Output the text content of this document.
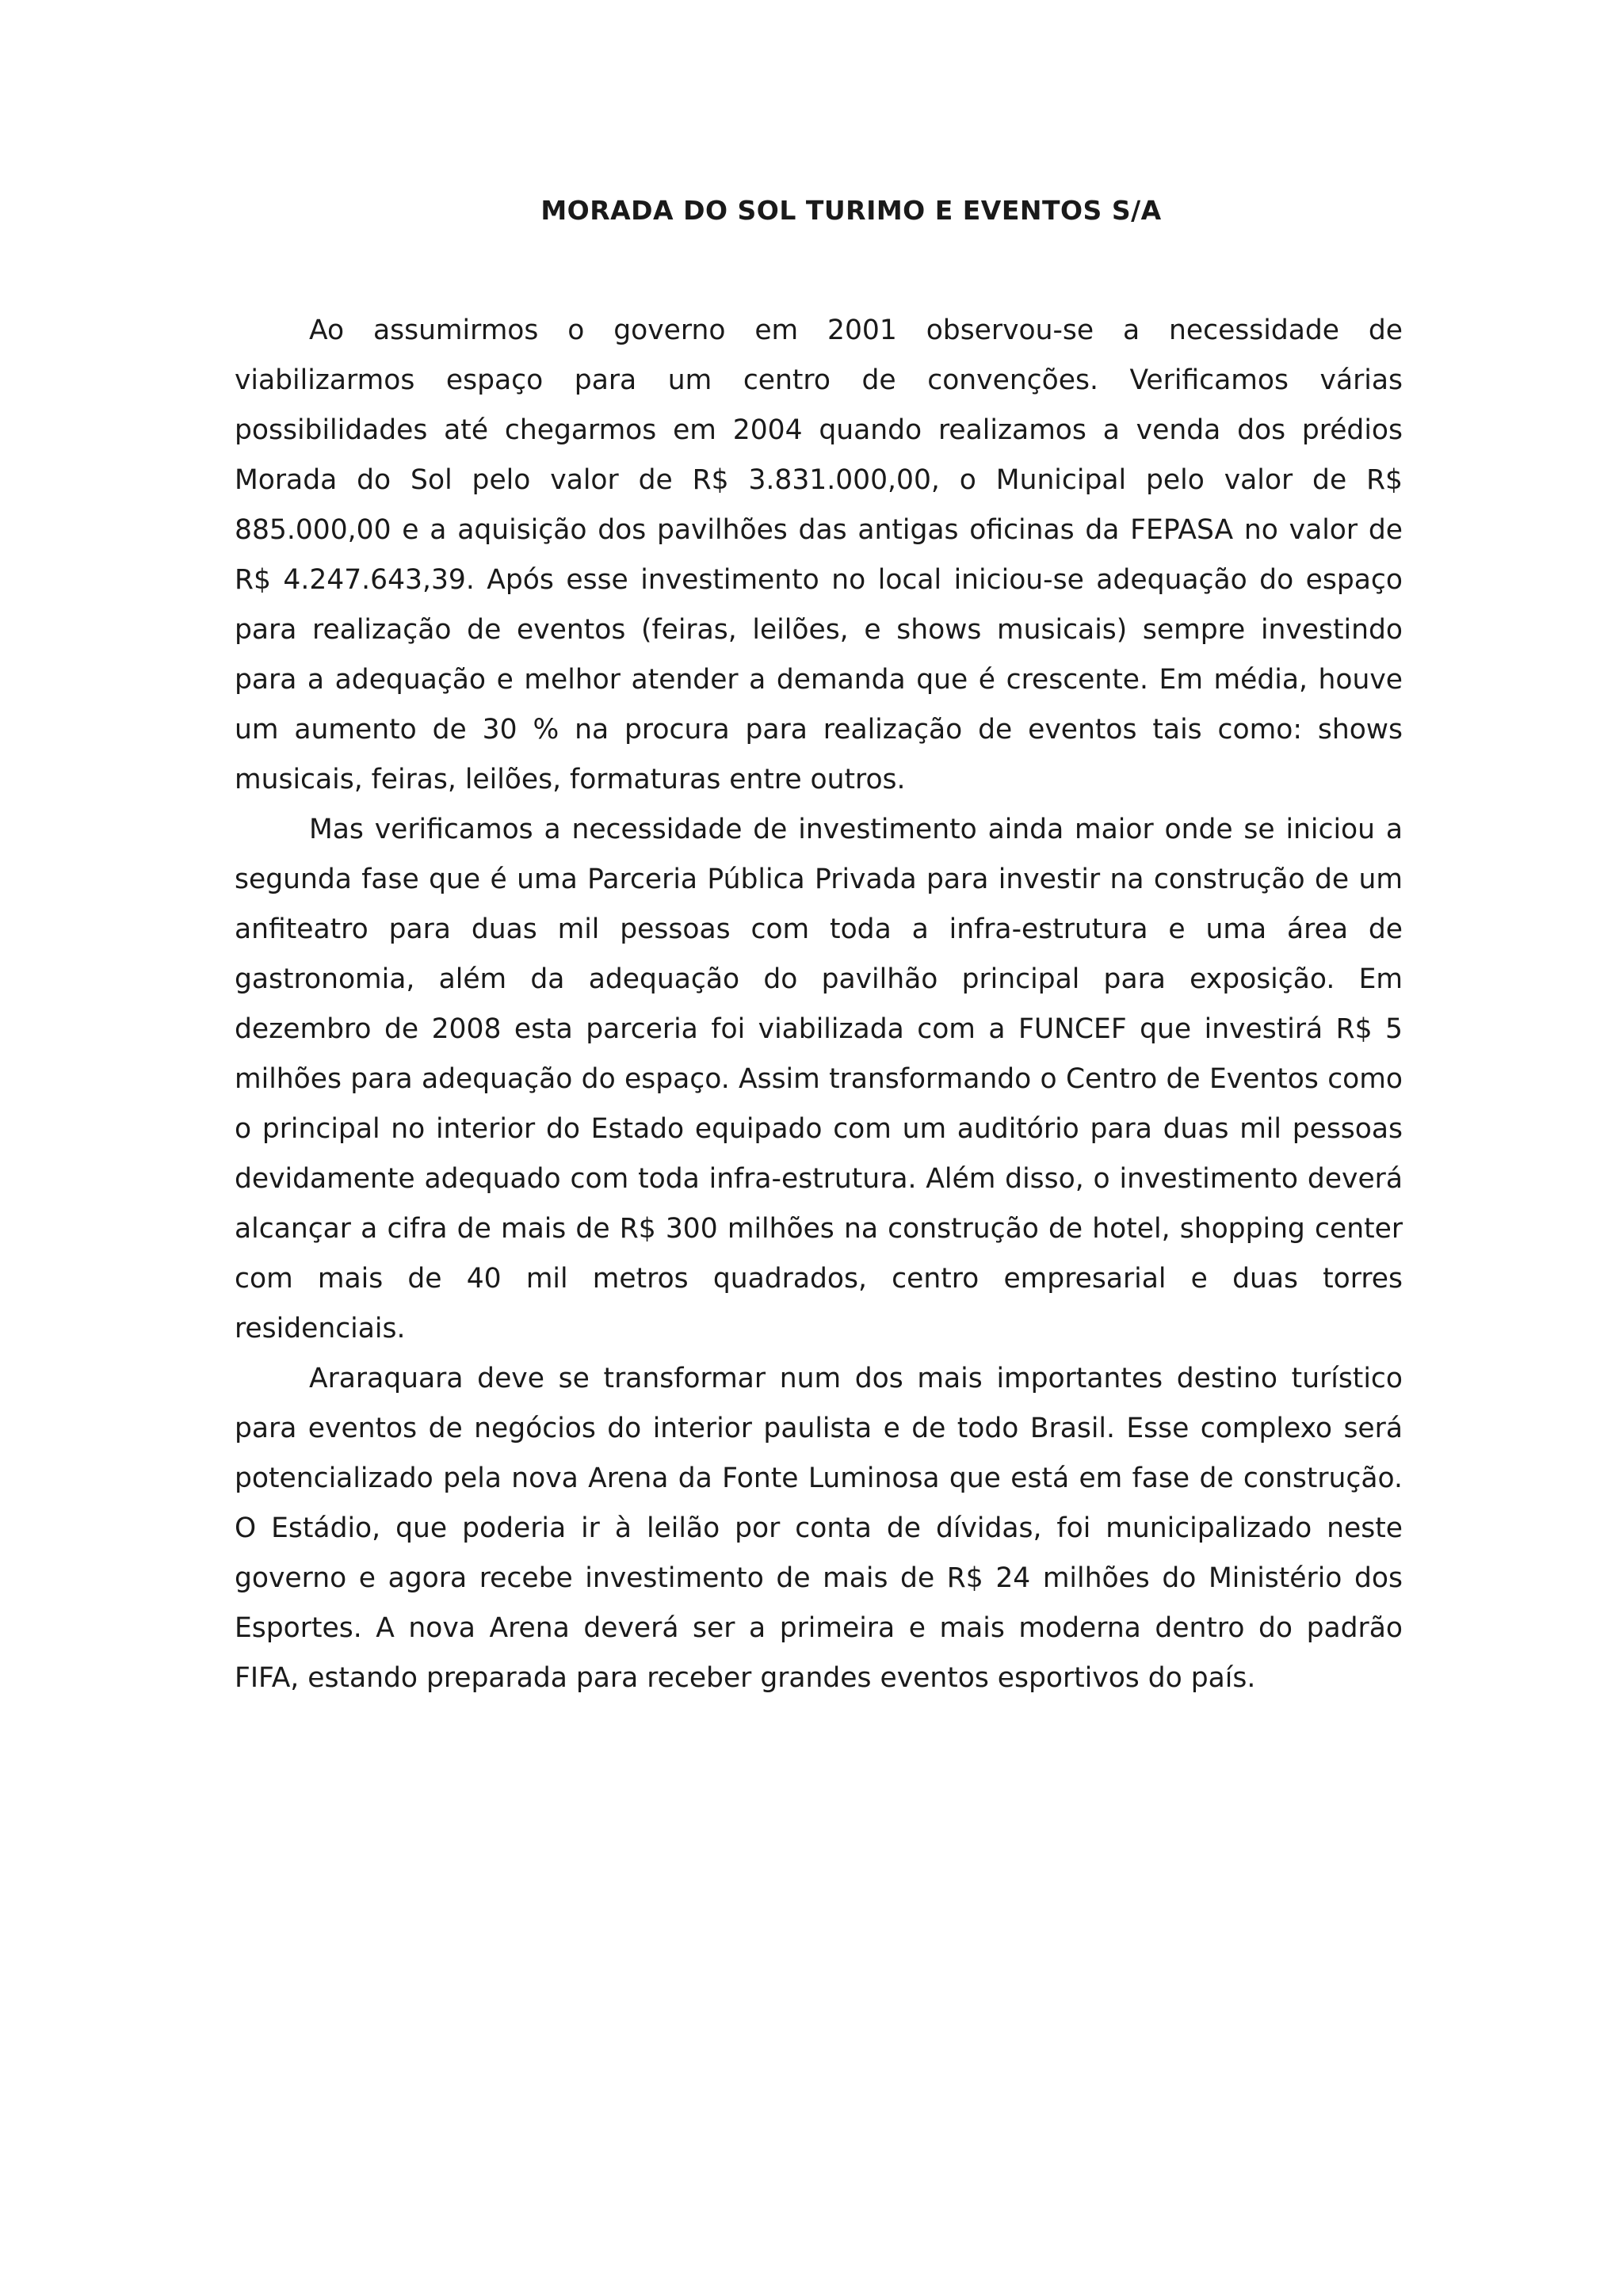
MORADA DO SOL TURIMO E EVENTOS S/A

Ao assumirmos o governo em 2001 observou-se a necessidade de viabilizarmos espaço para um centro de convenções. Verificamos várias possibilidades até chegarmos em 2004 quando realizamos a venda dos prédios Morada do Sol pelo valor de R$ 3.831.000,00, o Municipal pelo valor de R$ 885.000,00 e a aquisição dos pavilhões das antigas oficinas da FEPASA no valor de R$ 4.247.643,39. Após esse investimento no local iniciou-se adequação do espaço para realização de eventos (feiras, leilões, e shows musicais) sempre investindo para a adequação e melhor atender a demanda que é crescente. Em média, houve um aumento de 30 % na procura para realização de eventos tais como: shows musicais, feiras, leilões, formaturas entre outros.

Mas verificamos a necessidade de investimento ainda maior onde se iniciou a segunda fase que é uma Parceria Pública Privada para investir na construção de um anfiteatro para duas mil pessoas com toda a infra-estrutura e uma área de gastronomia, além da adequação do pavilhão principal para exposição. Em dezembro de 2008 esta parceria foi viabilizada com a FUNCEF que investirá R$ 5 milhões para adequação do espaço. Assim transformando o Centro de Eventos como o principal no interior do Estado equipado com um auditório para duas mil pessoas devidamente adequado com toda infra-estrutura. Além disso, o investimento deverá alcançar a cifra de mais de R$ 300 milhões na construção de hotel, shopping center com mais de 40 mil metros quadrados, centro empresarial e duas torres residenciais.

Araraquara deve se transformar num dos mais importantes destino turístico para eventos de negócios do interior paulista e de todo Brasil. Esse complexo será potencializado pela nova Arena da Fonte Luminosa que está em fase de construção. O Estádio, que poderia ir à leilão por conta de dívidas, foi municipalizado neste governo e agora recebe investimento de mais de R$ 24 milhões do Ministério dos Esportes. A nova Arena deverá ser a primeira e mais moderna dentro do padrão FIFA, estando preparada para receber grandes eventos esportivos do país.
